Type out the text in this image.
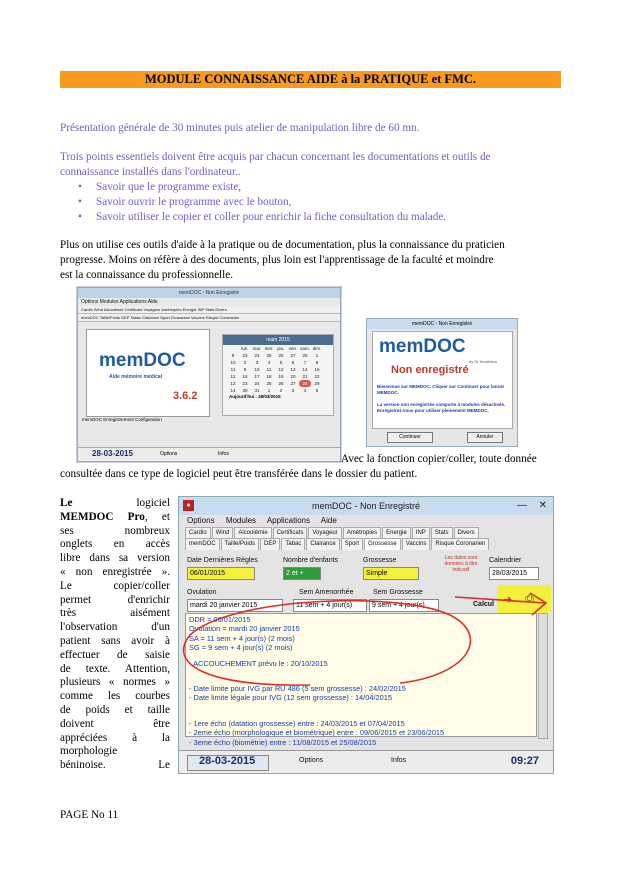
MODULE CONNAISSANCE AIDE à la PRATIQUE et FMC.
Présentation générale de 30 minutes puis atelier de manipulation libre de 60 mn.
Trois points essentiels doivent être acquis par chacun concernant les documentations et outils de
connaissance installés dans l'ordinateur..
• Savoir que le programme existe,
• Savoir ouvrir le programme avec le bouton,
• Savoir utiliser le copier et coller pour enrichir la fiche consultation du malade.
Plus on utilise ces outils d'aide à la pratique ou de documentation, plus la connaissance du praticien
progresse. Moins on réfère à des documents, plus loin est l'apprentissage de la faculté et moindre
est la connaissance du professionnelle.
memDOC - Non Enregistré
Options Modules Applications Aide
Cardio Wind Alcoolémie Certificats Voyageur Amétropies Energie INP Stats Divers
memDOC Taille/Poids DEP Tabac Clairance Sport Grossesse Vaccins Risque Coronarien
memDOC
Aide mémoire médical
3.6.2
mars 2015
	lun.	mar.	mer.	jeu.	ven.	sam.	dim.
9	23	24	25	26	27	28	1
10	2	3	4	5	6	7	8
11	9	10	11	12	13	14	15
12	16	17	18	19	20	21	22
13	23	24	25	26	27	28	29
14	30	31	1	2	3	4	5
Aujourd'hui : 28/03/2015
memDOC Enregistrement Configuration
28-03-2015	Options	Infos
memDOC - Non Enregistré
memDOC
by Dr Nordblom
Non enregistré
Bienvenue sur MEMDOC. Cliquer sur Continuer pour lancer MEMDOC.
La version non enregistrée comporte 4 modules désactivés. Enregistrez-vous pour utiliser pleinement MEMDOC.
Continuer	Annuler
Avec la fonction copier/coller, toute donnée
consultée dans ce type de logiciel peut être transférée dans le dossier du patient.
Le logiciel
MEMDOC Pro, et
ses nombreux
onglets en accès
libre dans sa version
« non enregistrée ».
Le copier/coller
permet d'enrichir
très aisément
l'observation d'un
patient sans avoir à
effectuer de saisie
de texte. Attention,
plusieurs « normes »
comme les courbes
de poids et taille
doivent être
appréciées à la
morphologie
béninoise. Le
memDOC - Non Enregistré
♠	— ✕
Options Modules Applications Aide
Cardio Wind Alcoolémie Certificats Voyageur Amétropies Energie INP Stats Divers
memDOC Taille/Poids DEP Tabac Clairance Sport Grossesse Vaccins Risque Coronarien
Date Dernières Règles
06/01/2015
Nombre d'enfants
2 et +
Grossesse
Simple
Les dates sont données à titre indicatif
Calendrier
28/03/2015
Ovulation
mardi 20 janvier 2015
Sem Amenorrhée
11 sem + 4 jour(s)
Sem Grossesse
9 sem + 4 jour(s)	Calcul ➜ ⎙
DDR = 06/01/2015
Ovulation = mardi 20 janvier 2015
SA = 11 sem + 4 jour(s) (2 mois)
SG = 9 sem + 4 jour(s) (2 mois)
- ACCOUCHEMENT prévu le : 20/10/2015
- Date limite pour IVG par RU 486 (5 sem grossesse) : 24/02/2015
- Date limite légale pour IVG (12 sem grossesse) : 14/04/2015
- 1ere écho (datation grossesse) entre : 24/03/2015 et 07/04/2015
- 2eme écho (morphologique et biométrique) entre : 09/06/2015 et 23/06/2015
- 3eme écho (biométrie) entre : 11/08/2015 et 25/08/2015
28-03-2015	Options	Infos	09:27
PAGE No 11
